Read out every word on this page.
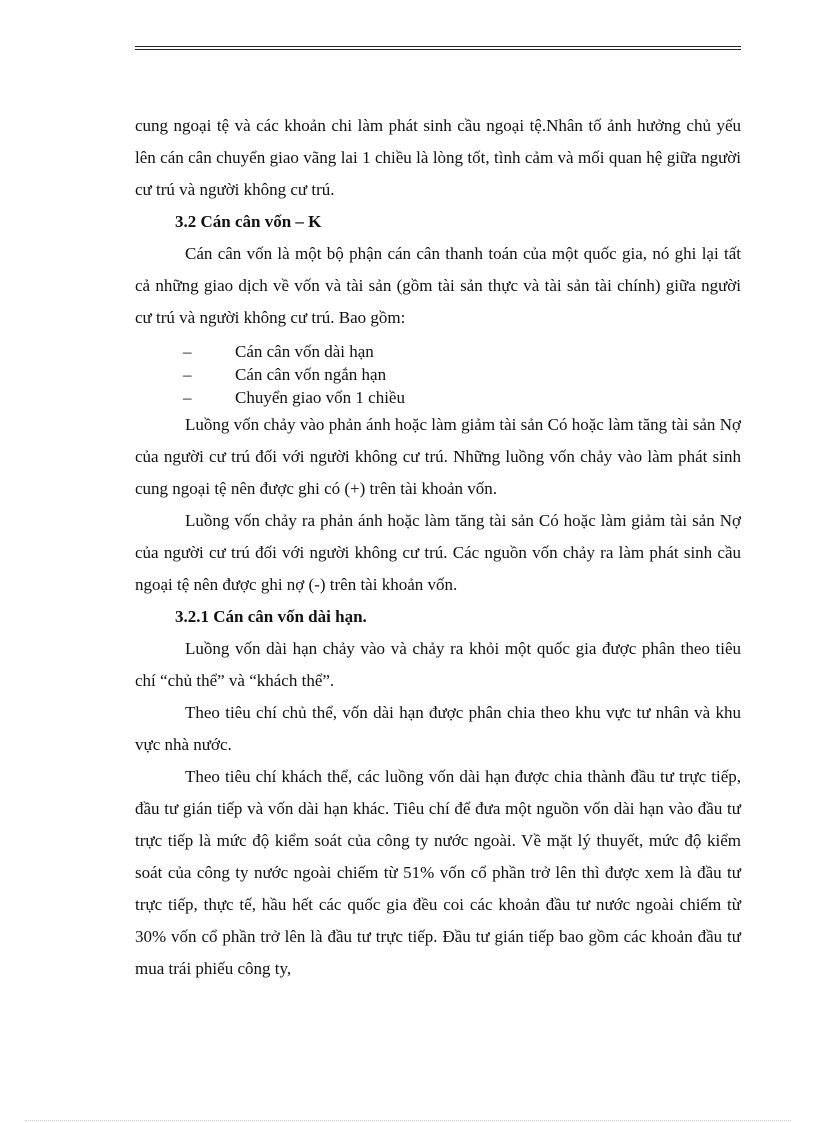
cung ngoại tệ và các khoản chi làm phát sinh cầu ngoại tệ.Nhân tố ảnh hưởng chủ yếu lên cán cân chuyển giao vãng lai 1 chiều là lòng tốt, tình cảm và mối quan hệ giữa người cư trú và người không cư trú.

3.2 Cán cân vốn – K

Cán cân vốn là một bộ phận cán cân thanh toán của một quốc gia, nó ghi lại tất cả những giao dịch về vốn và tài sản (gồm tài sản thực và tài sản tài chính) giữa người cư trú và người không cư trú. Bao gồm:

–	Cán cân vốn dài hạn
–	Cán cân vốn ngắn hạn
–	Chuyển giao vốn 1 chiều

Luồng vốn chảy vào phản ánh hoặc làm giảm tài sản Có hoặc làm tăng tài sản Nợ của người cư trú đối với người không cư trú. Những luồng vốn chảy vào làm phát sinh cung ngoại tệ nên được ghi có (+) trên tài khoản vốn.

Luồng vốn chảy ra phản ánh hoặc làm tăng tài sản Có hoặc làm giảm tài sản Nợ của người cư trú đối với người không cư trú. Các nguồn vốn chảy ra làm phát sinh cầu ngoại tệ nên được ghi nợ (-) trên tài khoản vốn.

3.2.1 Cán cân vốn dài hạn.

Luồng vốn dài hạn chảy vào và chảy ra khỏi một quốc gia được phân theo tiêu chí “chủ thể” và “khách thể”.

Theo tiêu chí chủ thể, vốn dài hạn được phân chia theo khu vực tư nhân và khu vực nhà nước.

Theo tiêu chí khách thể, các luồng vốn dài hạn được chia thành đầu tư trực tiếp, đầu tư gián tiếp và vốn dài hạn khác. Tiêu chí để đưa một nguồn vốn dài hạn vào đầu tư trực tiếp là mức độ kiểm soát của công ty nước ngoài. Về mặt lý thuyết, mức độ kiểm soát của công ty nước ngoài chiếm từ 51% vốn cổ phần trở lên thì được xem là đầu tư trực tiếp, thực tế, hầu hết các quốc gia đều coi các khoản đầu tư nước ngoài chiếm từ 30% vốn cổ phần trở lên là đầu tư trực tiếp. Đầu tư gián tiếp bao gồm các khoản đầu tư mua trái phiếu công ty,
